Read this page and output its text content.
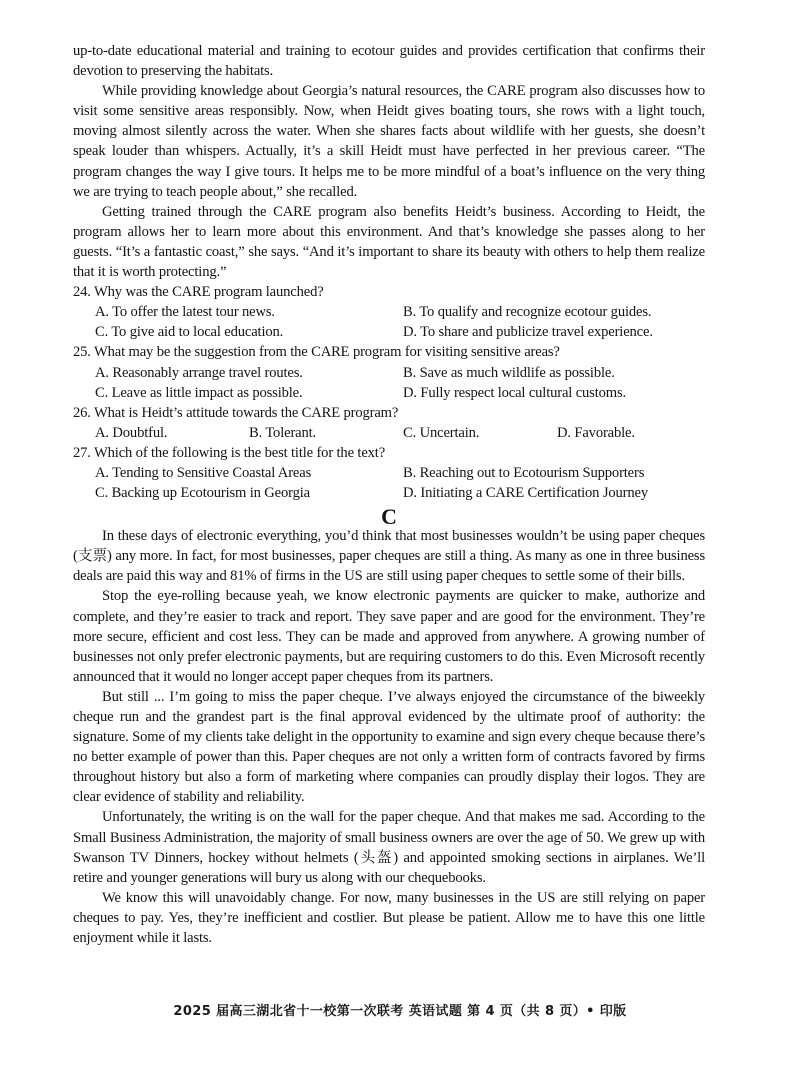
up-to-date educational material and training to ecotour guides and provides certification that confirms their devotion to preserving the habitats.

While providing knowledge about Georgia’s natural resources, the CARE program also discusses how to visit some sensitive areas responsibly. Now, when Heidt gives boating tours, she rows with a light touch, moving almost silently across the water. When she shares facts about wildlife with her guests, she doesn’t speak louder than whispers. Actually, it’s a skill Heidt must have perfected in her previous career. “The program changes the way I give tours. It helps me to be more mindful of a boat’s influence on the very thing we are trying to teach people about,” she recalled.

Getting trained through the CARE program also benefits Heidt’s business. According to Heidt, the program allows her to learn more about this environment. And that’s knowledge she passes along to her guests. “It’s a fantastic coast,” she says. “And it’s important to share its beauty with others to help them realize that it is worth protecting.”

24. Why was the CARE program launched?

A. To offer the latest tour news.	B. To qualify and recognize ecotour guides.
C. To give aid to local education.	D. To share and publicize travel experience.

25. What may be the suggestion from the CARE program for visiting sensitive areas?

A. Reasonably arrange travel routes.	B. Save as much wildlife as possible.
C. Leave as little impact as possible.	D. Fully respect local cultural customs.

26. What is Heidt’s attitude towards the CARE program?

A. Doubtful.	B. Tolerant.	C. Uncertain.	D. Favorable.

27. Which of the following is the best title for the text?

A. Tending to Sensitive Coastal Areas	B. Reaching out to Ecotourism Supporters
C. Backing up Ecotourism in Georgia	D. Initiating a CARE Certification Journey
C

In these days of electronic everything, you’d think that most businesses wouldn’t be using paper cheques (支票) any more. In fact, for most businesses, paper cheques are still a thing. As many as one in three business deals are paid this way and 81% of firms in the US are still using paper cheques to settle some of their bills.

Stop the eye-rolling because yeah, we know electronic payments are quicker to make, authorize and complete, and they’re easier to track and report. They save paper and are good for the environment. They’re more secure, efficient and cost less. They can be made and approved from anywhere. A growing number of businesses not only prefer electronic payments, but are requiring customers to do this. Even Microsoft recently announced that it would no longer accept paper cheques from its partners.

But still ... I’m going to miss the paper cheque. I’ve always enjoyed the circumstance of the biweekly cheque run and the grandest part is the final approval evidenced by the ultimate proof of authority: the signature. Some of my clients take delight in the opportunity to examine and sign every cheque because there’s no better example of power than this. Paper cheques are not only a written form of contracts favored by firms throughout history but also a form of marketing where companies can proudly display their logos. They are clear evidence of stability and reliability.

Unfortunately, the writing is on the wall for the paper cheque. And that makes me sad. According to the Small Business Administration, the majority of small business owners are over the age of 50. We grew up with Swanson TV Dinners, hockey without helmets (头盔) and appointed smoking sections in airplanes. We’ll retire and younger generations will bury us along with our chequebooks.

We know this will unavoidably change. For now, many businesses in the US are still relying on paper cheques to pay. Yes, they’re inefficient and costlier. But please be patient. Allow me to have this one little enjoyment while it lasts.

2025 届高三湖北省十一校第一次联考 英语试题 第 4 页（共 8 页）• 印版
